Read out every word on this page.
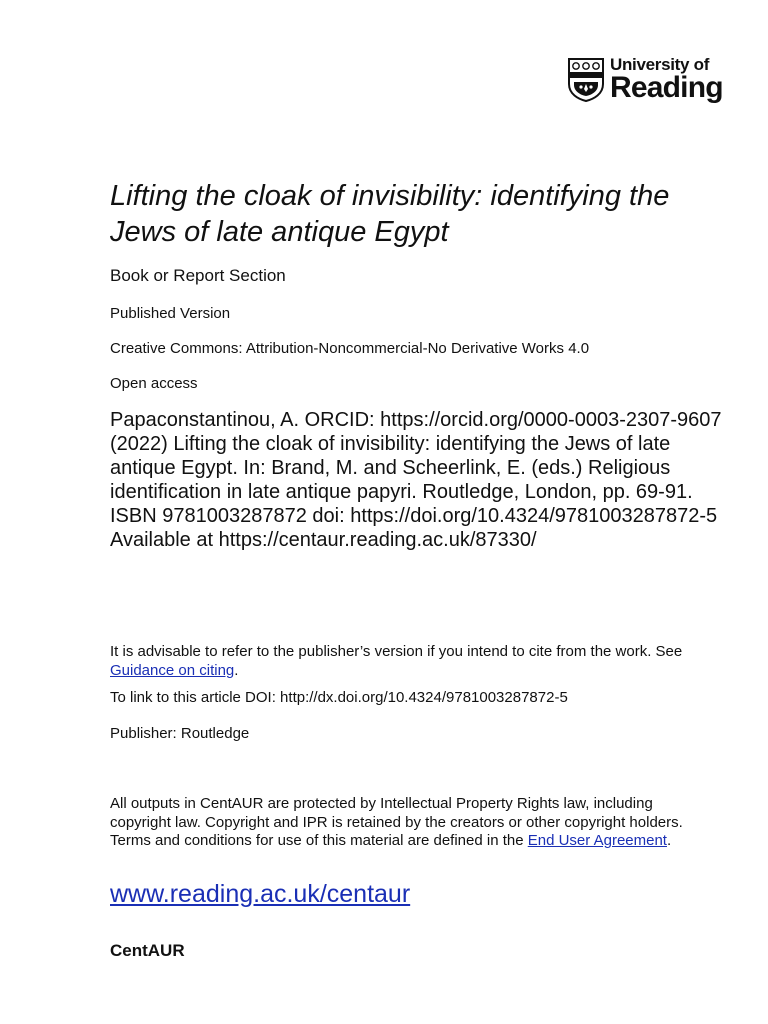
University of
Reading
Lifting the cloak of invisibility: identifying the Jews of late antique Egypt

Book or Report Section

Published Version

Creative Commons: Attribution-Noncommercial-No Derivative Works 4.0

Open access

Papaconstantinou, A. ORCID: https://orcid.org/0000-0003-2307-9607 (2022) Lifting the cloak of invisibility: identifying the Jews of late antique Egypt. In: Brand, M. and Scheerlink, E. (eds.) Religious identification in late antique papyri. Routledge, London, pp. 69-91. ISBN 9781003287872 doi: https://doi.org/10.4324/9781003287872-5 Available at https://centaur.reading.ac.uk/87330/

It is advisable to refer to the publisher’s version if you intend to cite from the work. See Guidance on citing.

To link to this article DOI: http://dx.doi.org/10.4324/9781003287872-5

Publisher: Routledge

All outputs in CentAUR are protected by Intellectual Property Rights law, including copyright law. Copyright and IPR is retained by the creators or other copyright holders. Terms and conditions for use of this material are defined in the End User Agreement.

www.reading.ac.uk/centaur

CentAUR
